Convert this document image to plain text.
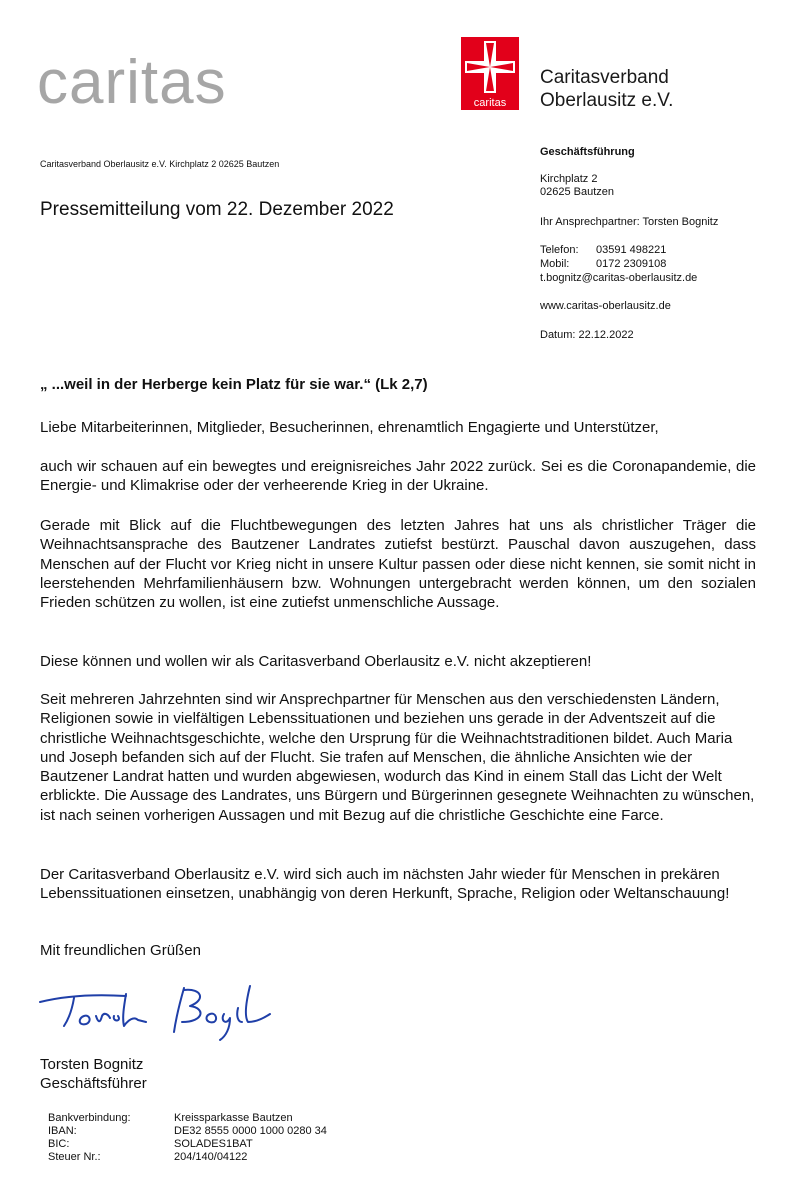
caritas	caritas
Caritasverband
Oberlausitz e.V.
Caritasverband Oberlausitz e.V. Kirchplatz 2 02625 Bautzen
Pressemitteilung vom 22. Dezember 2022
Geschäftsführung
Kirchplatz 2
02625 Bautzen
Ihr Ansprechpartner: Torsten Bognitz
Telefon: 03591 498221
Mobil: 0172 2309108
t.bognitz@caritas-oberlausitz.de
www.caritas-oberlausitz.de
Datum: 22.12.2022
„ ...weil in der Herberge kein Platz für sie war.“ (Lk 2,7)
Liebe Mitarbeiterinnen, Mitglieder, Besucherinnen, ehrenamtlich Engagierte und Unterstützer,
auch wir schauen auf ein bewegtes und ereignisreiches Jahr 2022 zurück. Sei es die Coronapandemie, die Energie- und Klimakrise oder der verheerende Krieg in der Ukraine.
Gerade mit Blick auf die Fluchtbewegungen des letzten Jahres hat uns als christlicher Träger die Weihnachtsansprache des Bautzener Landrates zutiefst bestürzt. Pauschal davon auszugehen, dass Menschen auf der Flucht vor Krieg nicht in unsere Kultur passen oder diese nicht kennen, sie somit nicht in leerstehenden Mehrfamilienhäusern bzw. Wohnungen untergebracht werden können, um den sozialen Frieden schützen zu wollen, ist eine zutiefst unmenschliche Aussage.
Diese können und wollen wir als Caritasverband Oberlausitz e.V. nicht akzeptieren!
Seit mehreren Jahrzehnten sind wir Ansprechpartner für Menschen aus den verschiedensten Ländern, Religionen sowie in vielfältigen Lebenssituationen und beziehen uns gerade in der Adventszeit auf die christliche Weihnachtsgeschichte, welche den Ursprung für die Weihnachtstraditionen bildet. Auch Maria und Joseph befanden sich auf der Flucht. Sie trafen auf Menschen, die ähnliche Ansichten wie der Bautzener Landrat hatten und wurden abgewiesen, wodurch das Kind in einem Stall das Licht der Welt erblickte. Die Aussage des Landrates, uns Bürgern und Bürgerinnen gesegnete Weihnachten zu wünschen, ist nach seinen vorherigen Aussagen und mit Bezug auf die christliche Geschichte eine Farce.
Der Caritasverband Oberlausitz e.V. wird sich auch im nächsten Jahr wieder für Menschen in prekären Lebenssituationen einsetzen, unabhängig von deren Herkunft, Sprache, Religion oder Weltanschauung!
Mit freundlichen Grüßen
Torsten Bognitz
Geschäftsführer
Bankverbindung:	Kreissparkasse Bautzen
IBAN:	DE32 8555 0000 1000 0280 34
BIC:	SOLADES1BAT
Steuer Nr.:	204/140/04122
